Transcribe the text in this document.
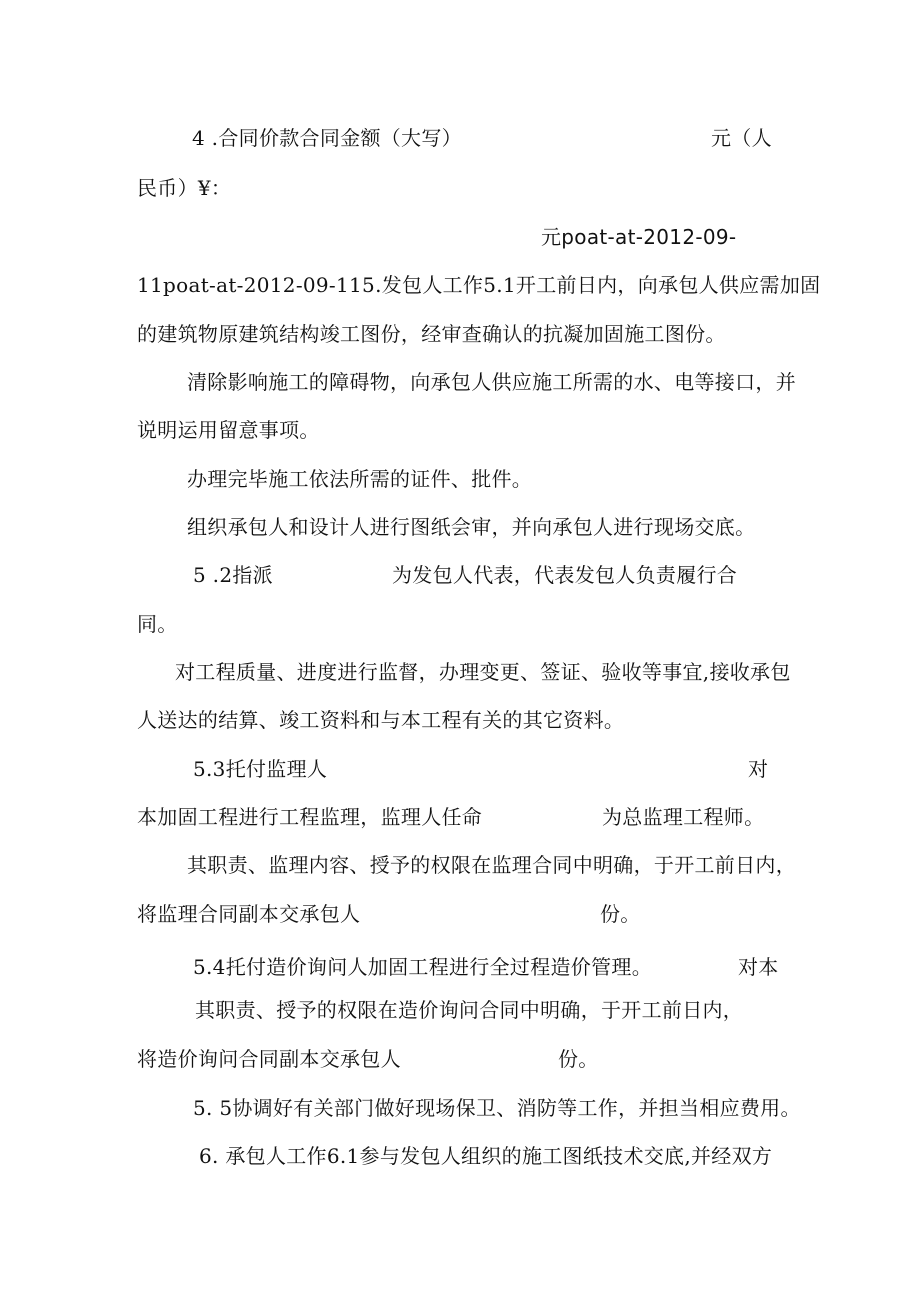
4 .合同价款合同金额（大写）	元（人
民币）¥：
元poat-at-2012-09-
11poat-at-2012-09-115.发包人工作5.1开工前日内，向承包人供应需加固
的建筑物原建筑结构竣工图份，经审查确认的抗凝加固施工图份。
清除影响施工的障碍物，向承包人供应施工所需的水、电等接口，并
说明运用留意事项。
办理完毕施工依法所需的证件、批件。
组织承包人和设计人进行图纸会审，并向承包人进行现场交底。
5 .2指派	为发包人代表，代表发包人负责履行合
同。
对工程质量、进度进行监督，办理变更、签证、验收等事宜,接收承包
人送达的结算、竣工资料和与本工程有关的其它资料。
5.3托付监理人	对
本加固工程进行工程监理，监理人任命	为总监理工程师。
其职责、监理内容、授予的权限在监理合同中明确，于开工前日内，
将监理合同副本交承包人	份。
5.4托付造价询问人加固工程进行全过程造价管理。	对本
其职责、授予的权限在造价询问合同中明确，于开工前日内，
将造价询问合同副本交承包人	份。
5. 5协调好有关部门做好现场保卫、消防等工作，并担当相应费用。
6. 承包人工作6.1参与发包人组织的施工图纸技术交底,并经双方
